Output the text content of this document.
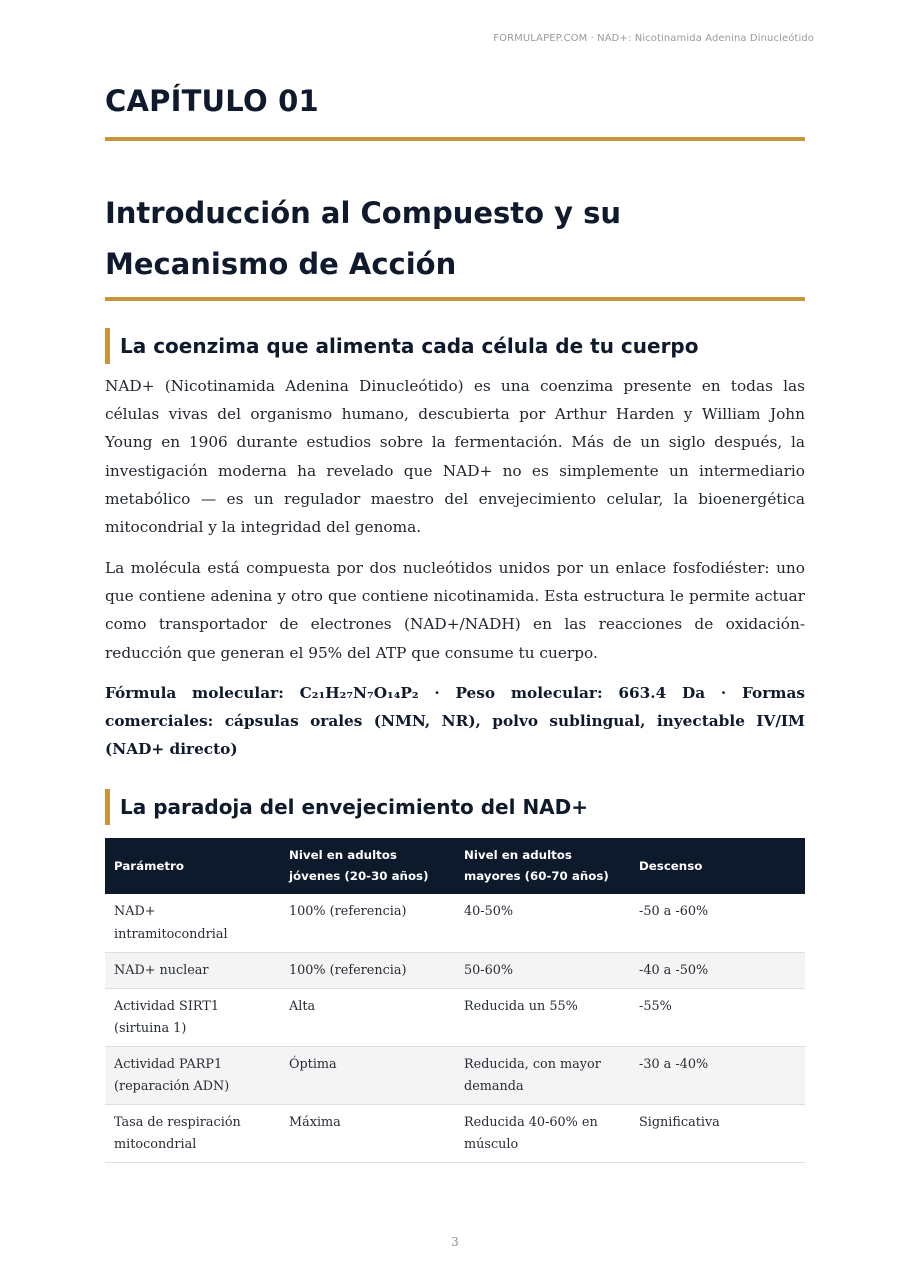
FORMULAPEP.COM · NAD+: Nicotinamida Adenina Dinucleótido
CAPÍTULO 01
Introducción al Compuesto y su Mecanismo de Acción
La coenzima que alimenta cada célula de tu cuerpo

NAD+ (Nicotinamida Adenina Dinucleótido) es una coenzima presente en todas las células vivas del organismo humano, descubierta por Arthur Harden y William John Young en 1906 durante estudios sobre la fermentación. Más de un siglo después, la investigación moderna ha revelado que NAD+ no es simplemente un intermediario metabólico — es un regulador maestro del envejecimiento celular, la bioenergética mitocondrial y la integridad del genoma.

La molécula está compuesta por dos nucleótidos unidos por un enlace fosfodiéster: uno que contiene adenina y otro que contiene nicotinamida. Esta estructura le permite actuar como transportador de electrones (NAD+/NADH) en las reacciones de oxidación-reducción que generan el 95% del ATP que consume tu cuerpo.

Fórmula molecular: C₂₁H₂₇N₇O₁₄P₂ · Peso molecular: 663.4 Da · Formas comerciales: cápsulas orales (NMN, NR), polvo sublingual, inyectable IV/IM (NAD+ directo)

La paradoja del envejecimiento del NAD+
Parámetro	Nivel en adultos jóvenes (20-30 años)	Nivel en adultos mayores (60-70 años)	Descenso
NAD+ intramitocondrial	100% (referencia)	40-50%	-50 a -60%
NAD+ nuclear	100% (referencia)	50-60%	-40 a -50%
Actividad SIRT1 (sirtuina 1)	Alta	Reducida un 55%	-55%
Actividad PARP1 (reparación ADN)	Óptima	Reducida, con mayor demanda	-30 a -40%
Tasa de respiración mitocondrial	Máxima	Reducida 40-60% en músculo	Significativa
3
